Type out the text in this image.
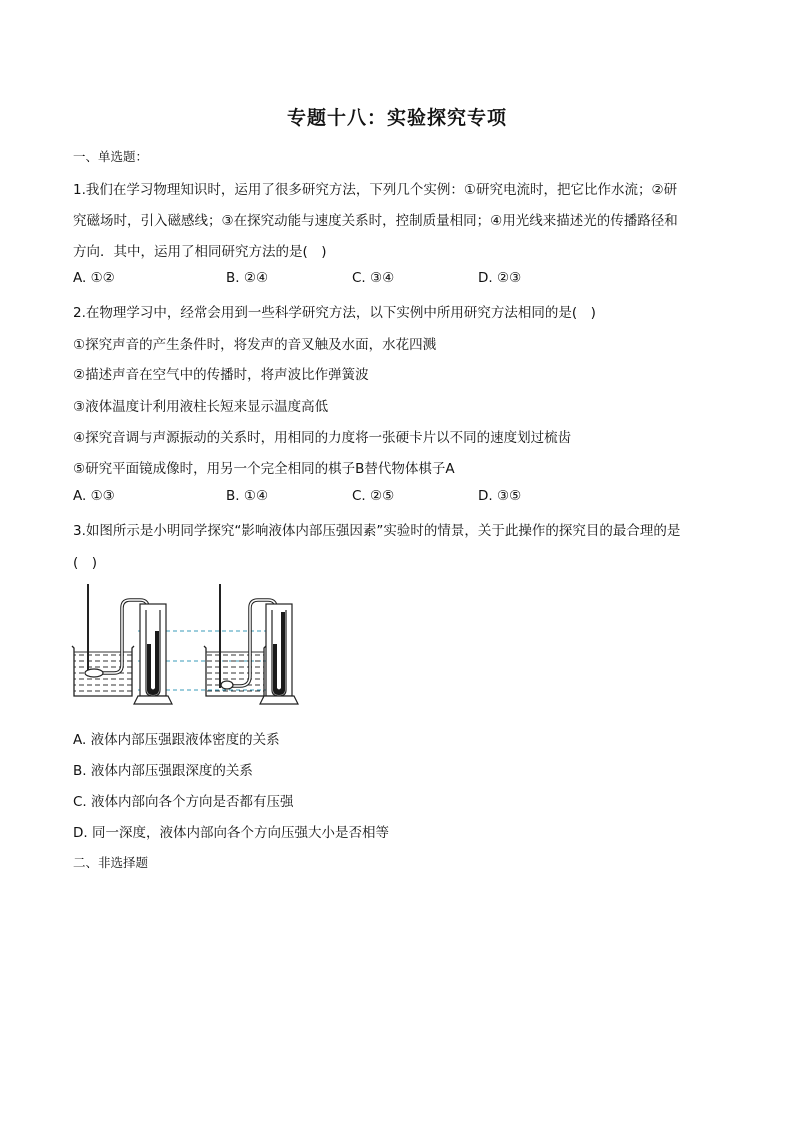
专题十八：实验探究专项
一、单选题：
1.我们在学习物理知识时，运用了很多研究方法，下列几个实例：①研究电流时，把它比作水流；②研
究磁场时，引入磁感线；③在探究动能与速度关系时，控制质量相同；④用光线来描述光的传播路径和
方向．其中，运用了相同研究方法的是(　)
A. ①②	B. ②④	C. ③④	D. ②③
2.在物理学习中，经常会用到一些科学研究方法，以下实例中所用研究方法相同的是(　)
①探究声音的产生条件时，将发声的音叉触及水面，水花四溅
②描述声音在空气中的传播时，将声波比作弹簧波
③液体温度计利用液柱长短来显示温度高低
④探究音调与声源振动的关系时，用相同的力度将一张硬卡片以不同的速度划过梳齿
⑤研究平面镜成像时，用另一个完全相同的棋子B替代物体棋子A
A. ①③	B. ①④	C. ②⑤	D. ③⑤
3.如图所示是小明同学探究“影响液体内部压强因素”实验时的情景，关于此操作的探究目的最合理的是
(　)
A. 液体内部压强跟液体密度的关系
B. 液体内部压强跟深度的关系
C. 液体内部向各个方向是否都有压强
D. 同一深度，液体内部向各个方向压强大小是否相等
二、非选择题
